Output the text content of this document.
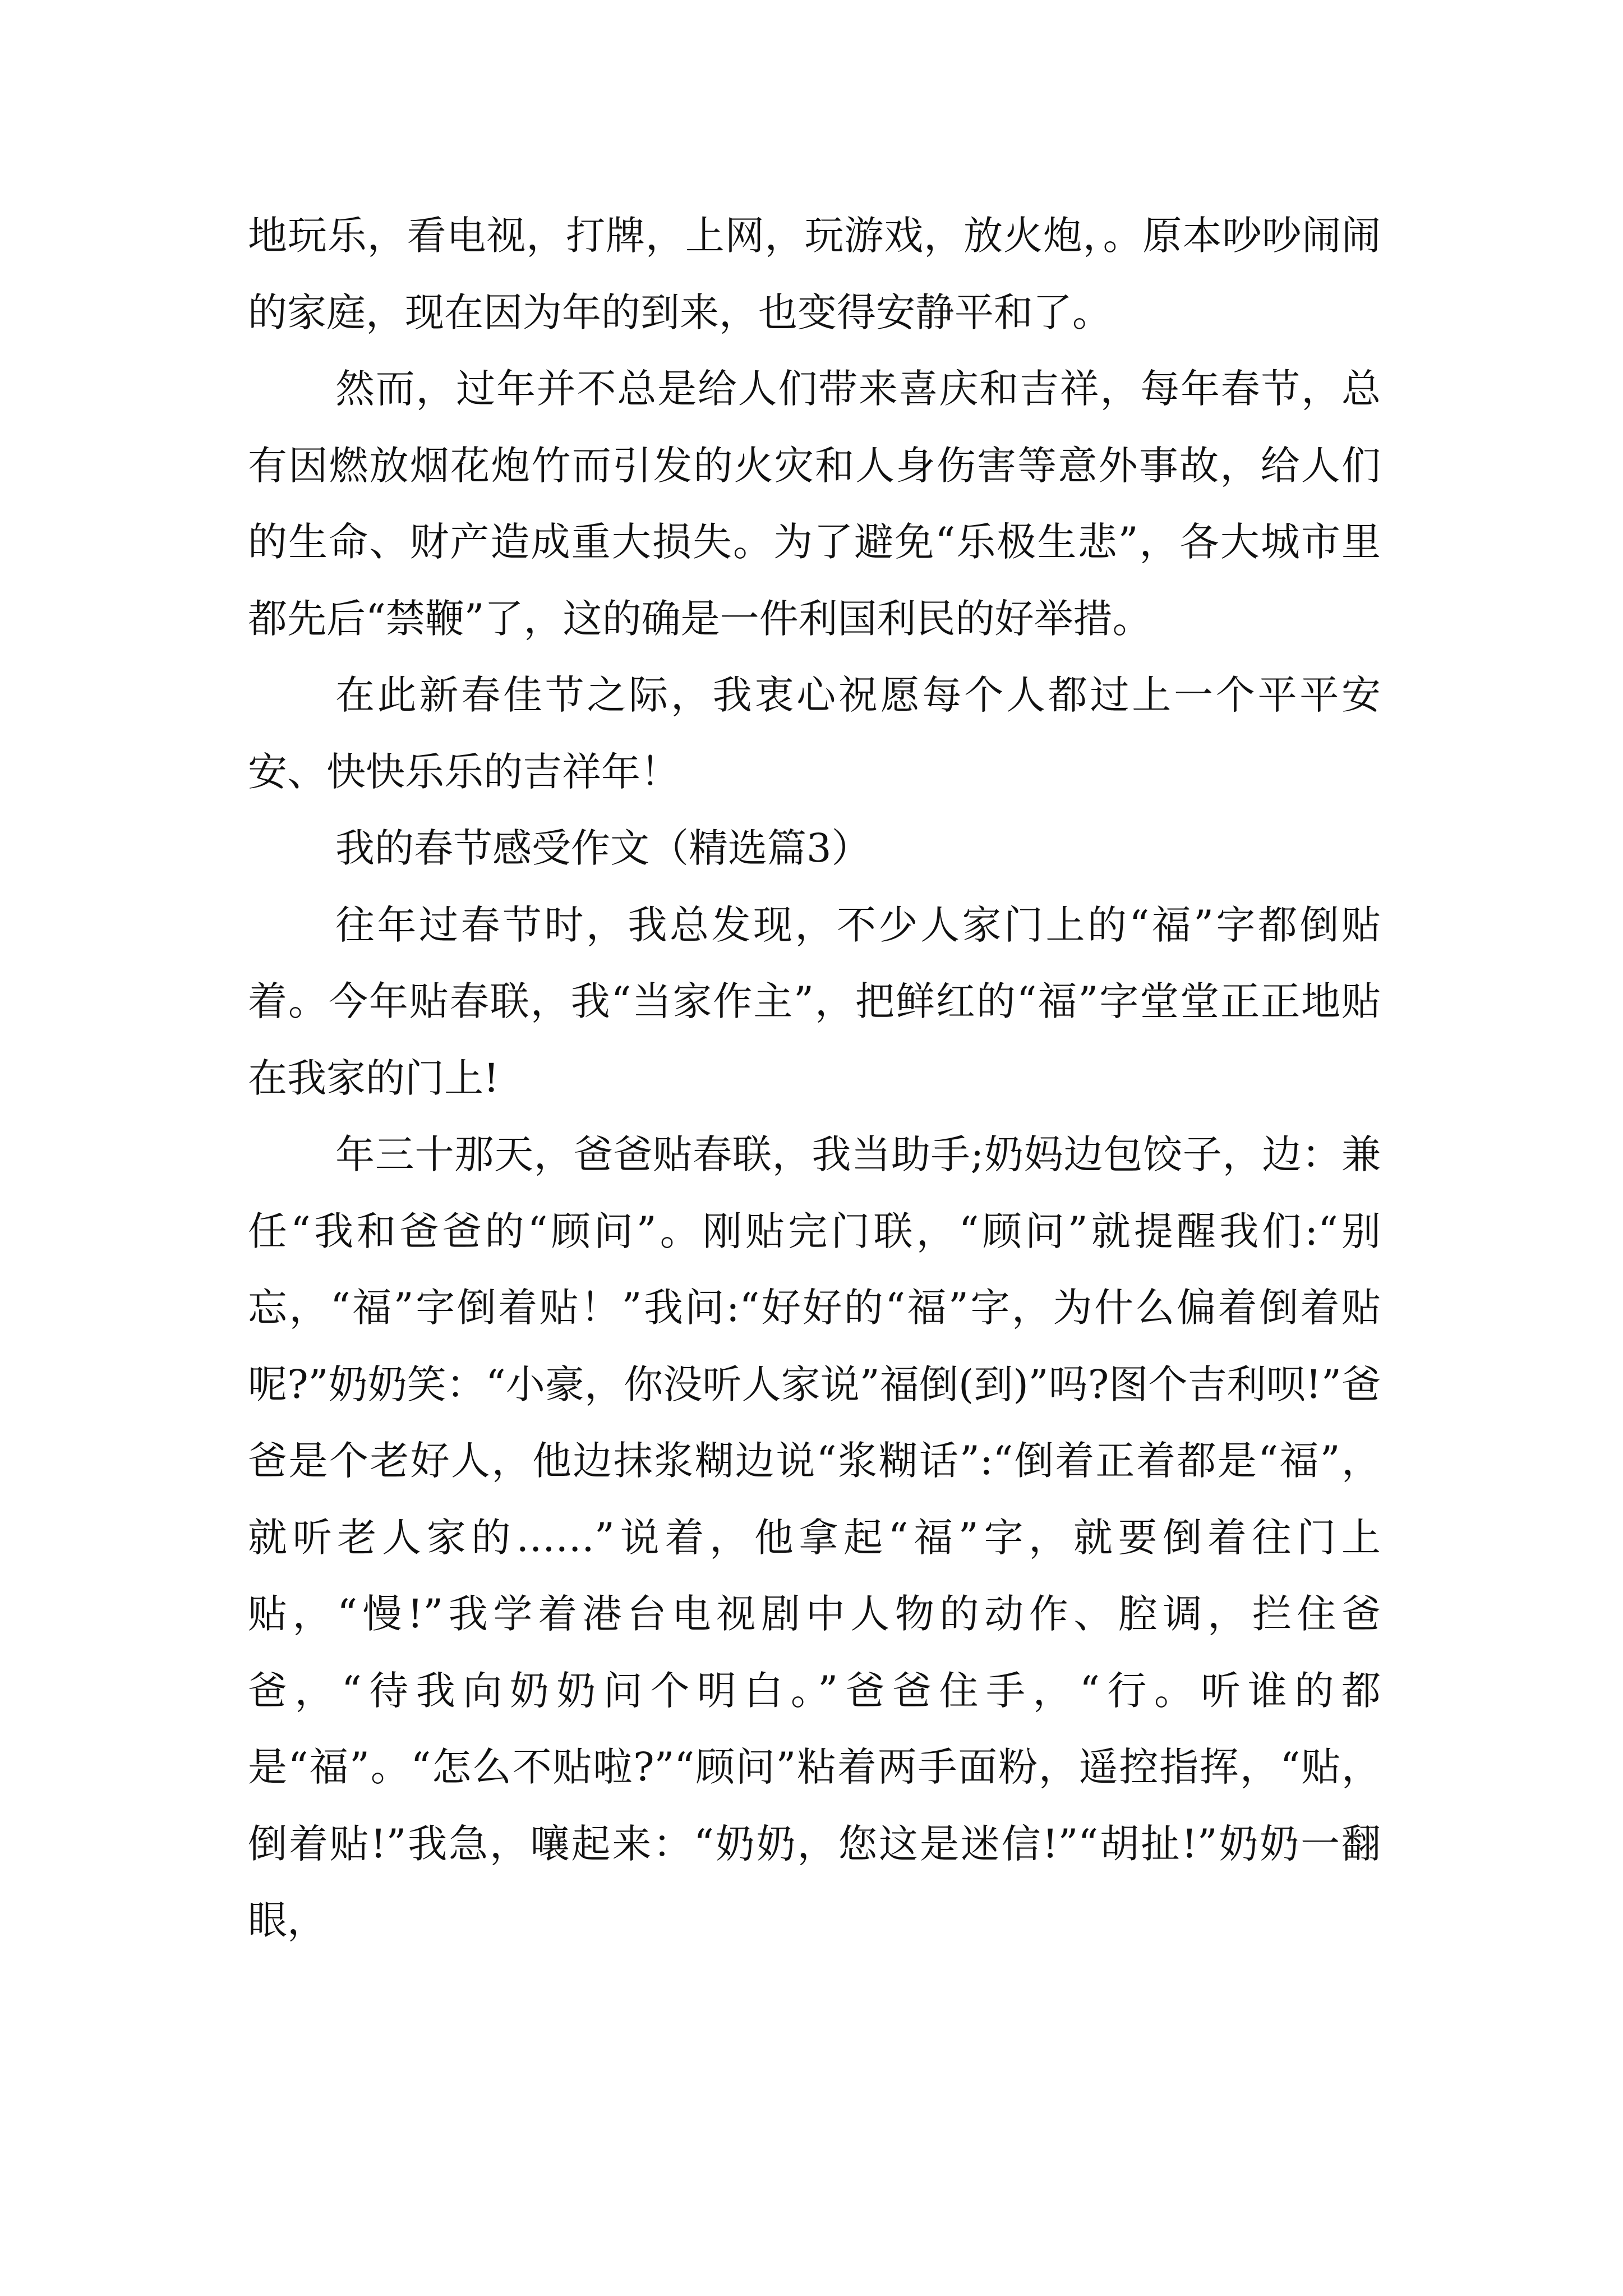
地玩乐，看电视，打牌，上网，玩游戏，放火炮，。原本吵吵闹闹的家庭，现在因为年的到来，也变得安静平和了。

然而，过年并不总是给人们带来喜庆和吉祥，每年春节，总有因燃放烟花炮竹而引发的火灾和人身伤害等意外事故，给人们的生命、财产造成重大损失。为了避免“乐极生悲”，各大城市里都先后“禁鞭”了，这的确是一件利国利民的好举措。

在此新春佳节之际，我衷心祝愿每个人都过上一个平平安安、快快乐乐的吉祥年！

我的春节感受作文（精选篇3）

往年过春节时，我总发现，不少人家门上的“福”字都倒贴着。今年贴春联，我“当家作主”，把鲜红的“福”字堂堂正正地贴在我家的门上!

年三十那天，爸爸贴春联，我当助手;奶妈边包饺子，边：兼任“我和爸爸的“顾问”。刚贴完门联，“顾问”就提醒我们:“别忘，“福”字倒着贴！”我问:“好好的“福”字，为什么偏着倒着贴呢?”奶奶笑：“小豪，你没听人家说”福倒(到)”吗?图个吉利呗!”爸爸是个老好人，他边抹浆糊边说“浆糊话”:“倒着正着都是“福”，就听老人家的……”说着，他拿起“福”字，就要倒着往门上贴，“慢!”我学着港台电视剧中人物的动作、腔调，拦住爸爸，“待我向奶奶问个明白。”爸爸住手，“行。听谁的都是“福”。“怎么不贴啦?”“顾问”粘着两手面粉，遥控指挥，“贴，倒着贴!”我急，嚷起来：“奶奶，您这是迷信!”“胡扯!”奶奶一翻眼，
